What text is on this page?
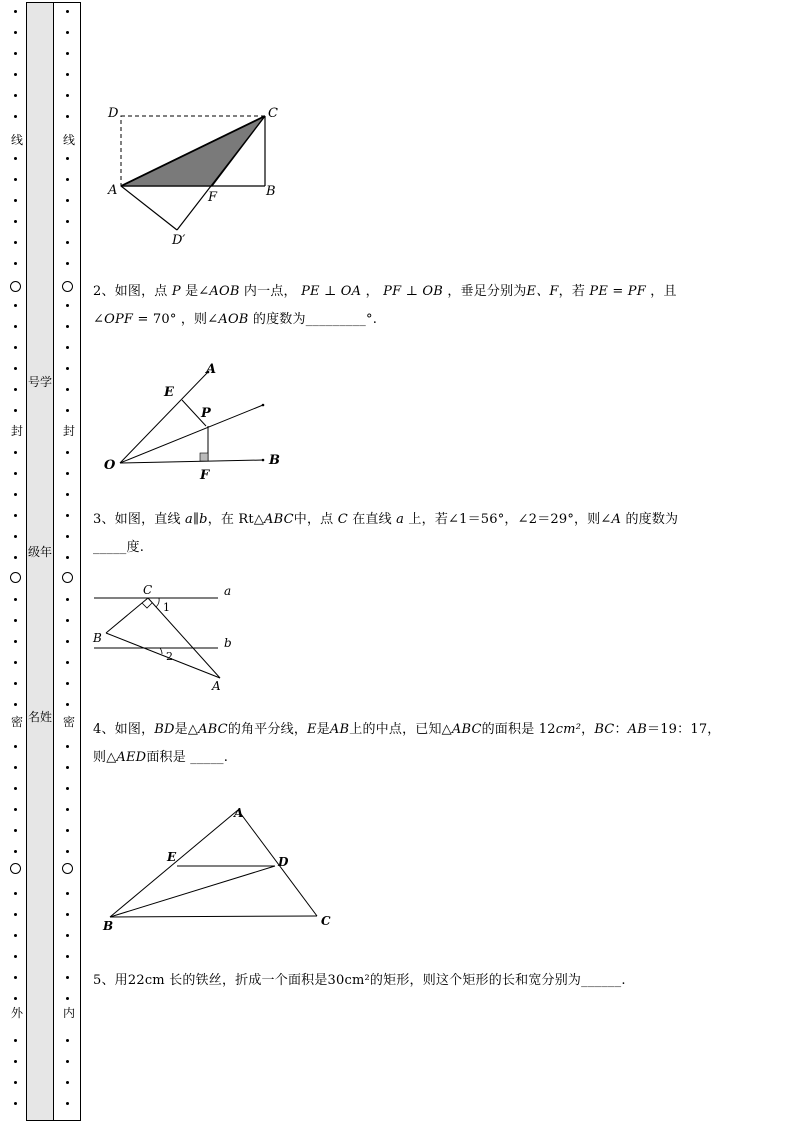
号学
级年
名姓
线
封
密
外
线
封
密
内
D	C
A	F	B
D′
2、如图，点 P 是∠AOB 内一点， PE ⊥ OA ， PF ⊥ OB ，垂足分别为E、F，若 PE = PF ，且
∠OPF = 70° ，则∠AOB 的度数为_________°.
A
E
P
O
F
B
3、如图，直线 a∥b，在 Rt△ABC中，点 C 在直线 a 上，若∠1＝56°，∠2＝29°，则∠A 的度数为
_____度.
C	a
1
B	b
2
A
4、如图，BD是△ABC的角平分线，E是AB上的中点，已知△ABC的面积是 12cm²，BC：AB＝19：17，
则△AED面积是 _____.
A
E	D
B	C
5、用22cm 长的铁丝，折成一个面积是30cm²的矩形，则这个矩形的长和宽分别为______.
